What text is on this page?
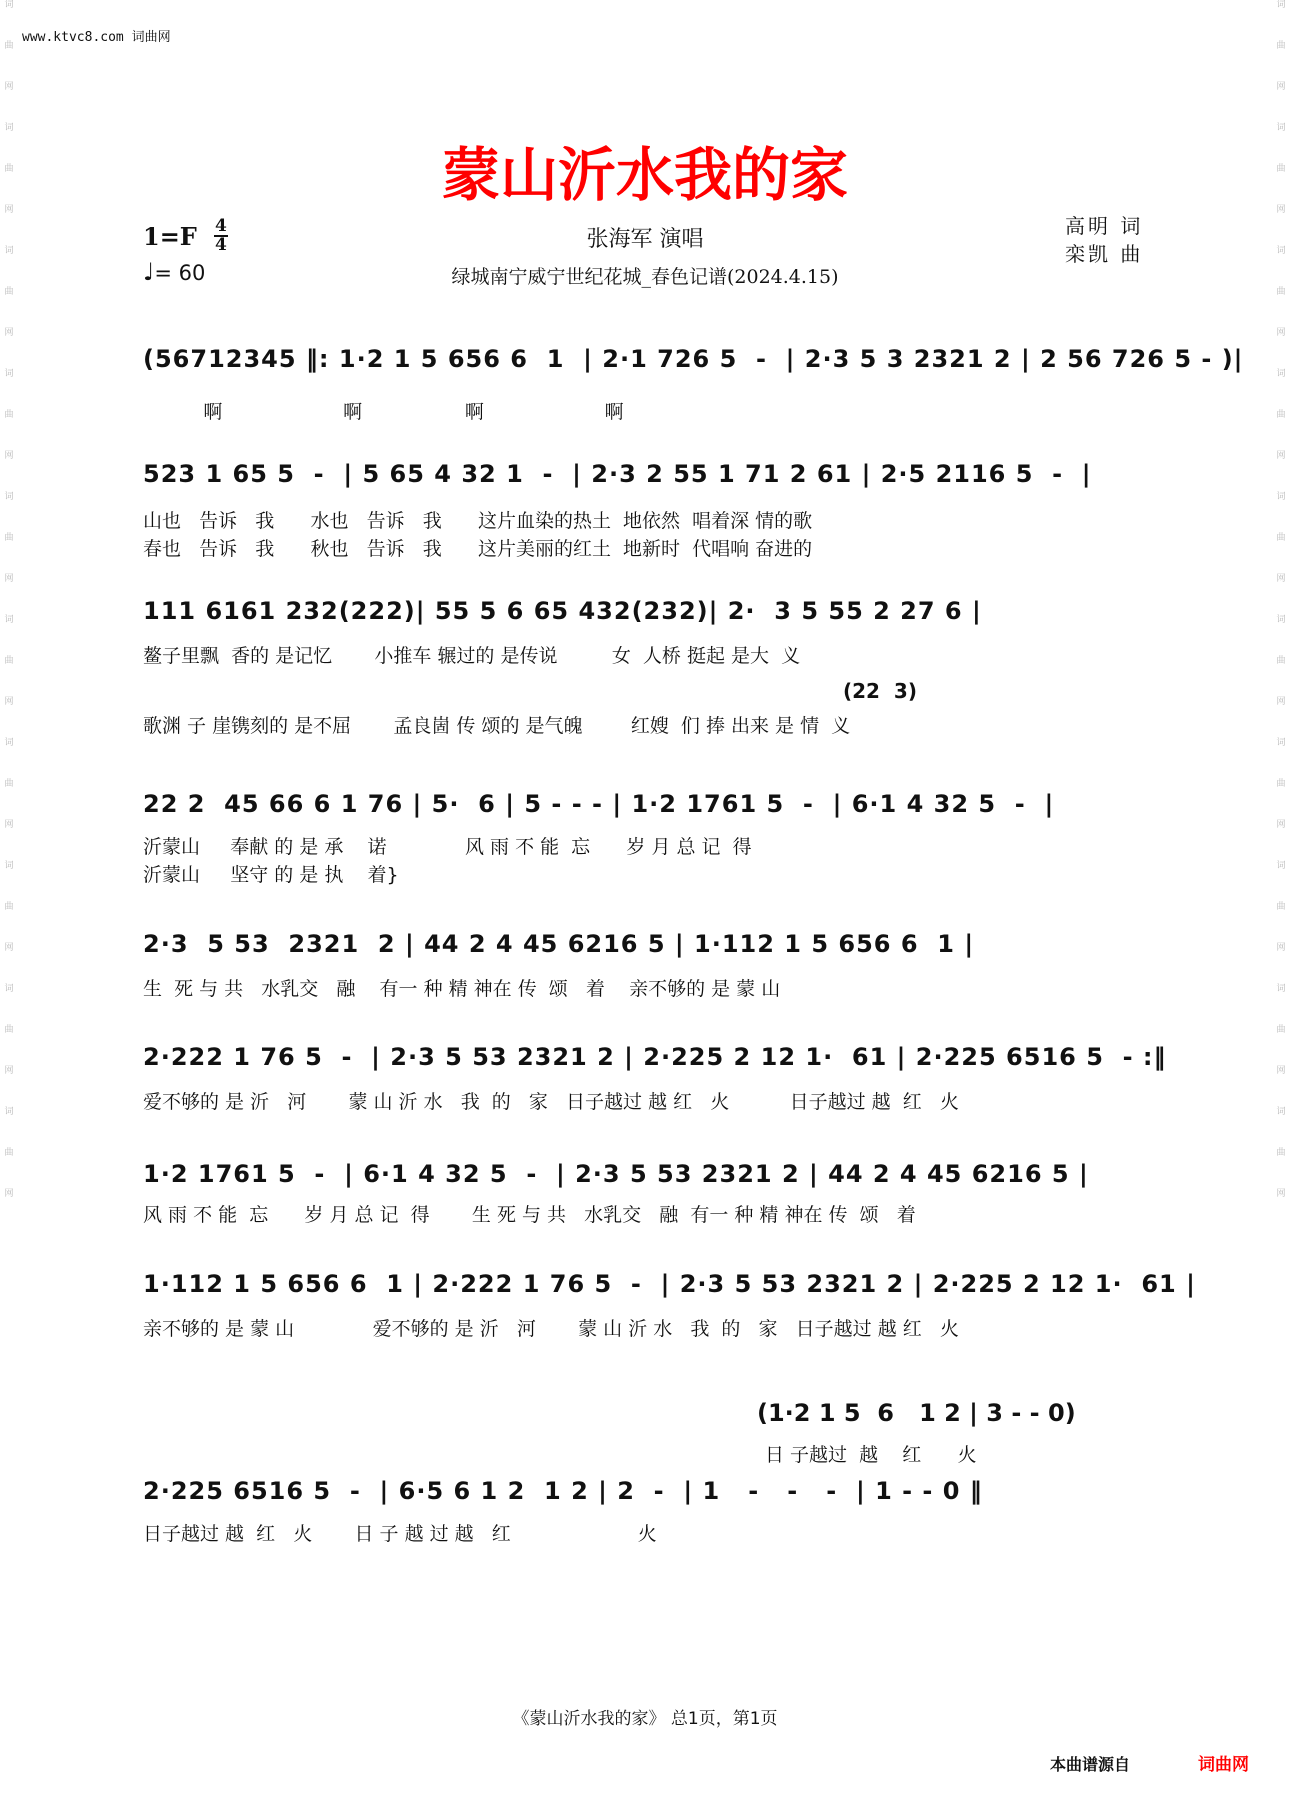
www.ktvc8.com 词曲网
词
曲
网
词
曲
网
词
曲
网
词
曲
网
词
曲
网
词
曲
网
词
曲
网
词
曲
网
词
曲
网
词
曲
网
词
曲
网
词
曲
网
词
曲
网
词
曲
网
词
曲
网
词
曲
网
词
曲
网
词
曲
网
词
曲
网
词
曲
网
蒙山沂水我的家
1=F 4
4
♩= 60
张海军 演唱
绿城南宁威宁世纪花城_春色记谱(2024.4.15)
高明 词
栾凯 曲
(56712345 ‖: 1·2 1 5 656 6  1  | 2·1 726 5  -  | 2·3 5 3 2321 2 | 2 56 726 5 - )|
啊                    啊                 啊                    啊
523 1 65 5  -  | 5 65 4 32 1  -  | 2·3 2 55 1 71 2 61 | 2·5 2116 5  -  |
山也   告诉   我      水也   告诉   我      这片血染的热土  地依然  唱着深 情的歌
春也   告诉   我      秋也   告诉   我      这片美丽的红土  地新时  代唱响 奋进的
111 6161 232(222)| 55 5 6 65 432(232)| 2·  3 5 55 2 27 6 |
鳌子里飘  香的 是记忆       小推车 辗过的 是传说         女  人桥 挺起 是大  义
(22  3)
歌渊 子 崖镌刻的 是不屈       孟良崮 传 颂的 是气魄        红嫂  们 捧 出来 是 情  义
22 2  45 66 6 1 76 | 5·  6 | 5 - - - | 1·2 1761 5  -  | 6·1 4 32 5  -  |
沂蒙山     奉献 的 是 承    诺             风 雨 不 能  忘      岁 月 总 记  得
沂蒙山     坚守 的 是 执    着}
2·3  5 53  2321  2 | 44 2 4 45 6216 5 | 1·112 1 5 656 6  1 |
生  死 与 共   水乳交   融    有一 种 精 神在 传  颂   着    亲不够的 是 蒙 山
2·222 1 76 5  -  | 2·3 5 53 2321 2 | 2·225 2 12 1·  61 | 2·225 6516 5  - :‖
爱不够的 是 沂   河       蒙 山 沂 水   我  的   家   日子越过 越 红   火          日子越过 越  红   火
1·2 1761 5  -  | 6·1 4 32 5  -  | 2·3 5 53 2321 2 | 44 2 4 45 6216 5 |
风 雨 不 能  忘      岁 月 总 记  得       生 死 与 共   水乳交   融  有一 种 精 神在 传  颂   着
1·112 1 5 656 6  1 | 2·222 1 76 5  -  | 2·3 5 53 2321 2 | 2·225 2 12 1·  61 |
亲不够的 是 蒙 山             爱不够的 是 沂   河       蒙 山 沂 水   我  的   家   日子越过 越 红   火
(1·2 1 5  6   1 2 | 3 - - 0)
日 子越过  越    红      火
2·225 6516 5  -  | 6·5 6 1 2  1 2 | 2  -  | 1   -   -   -  | 1 - - 0 ‖
日子越过 越  红   火       日 子 越 过 越   红                     火
《蒙山沂水我的家》 总1页，第1页
本曲谱源自	词曲网
